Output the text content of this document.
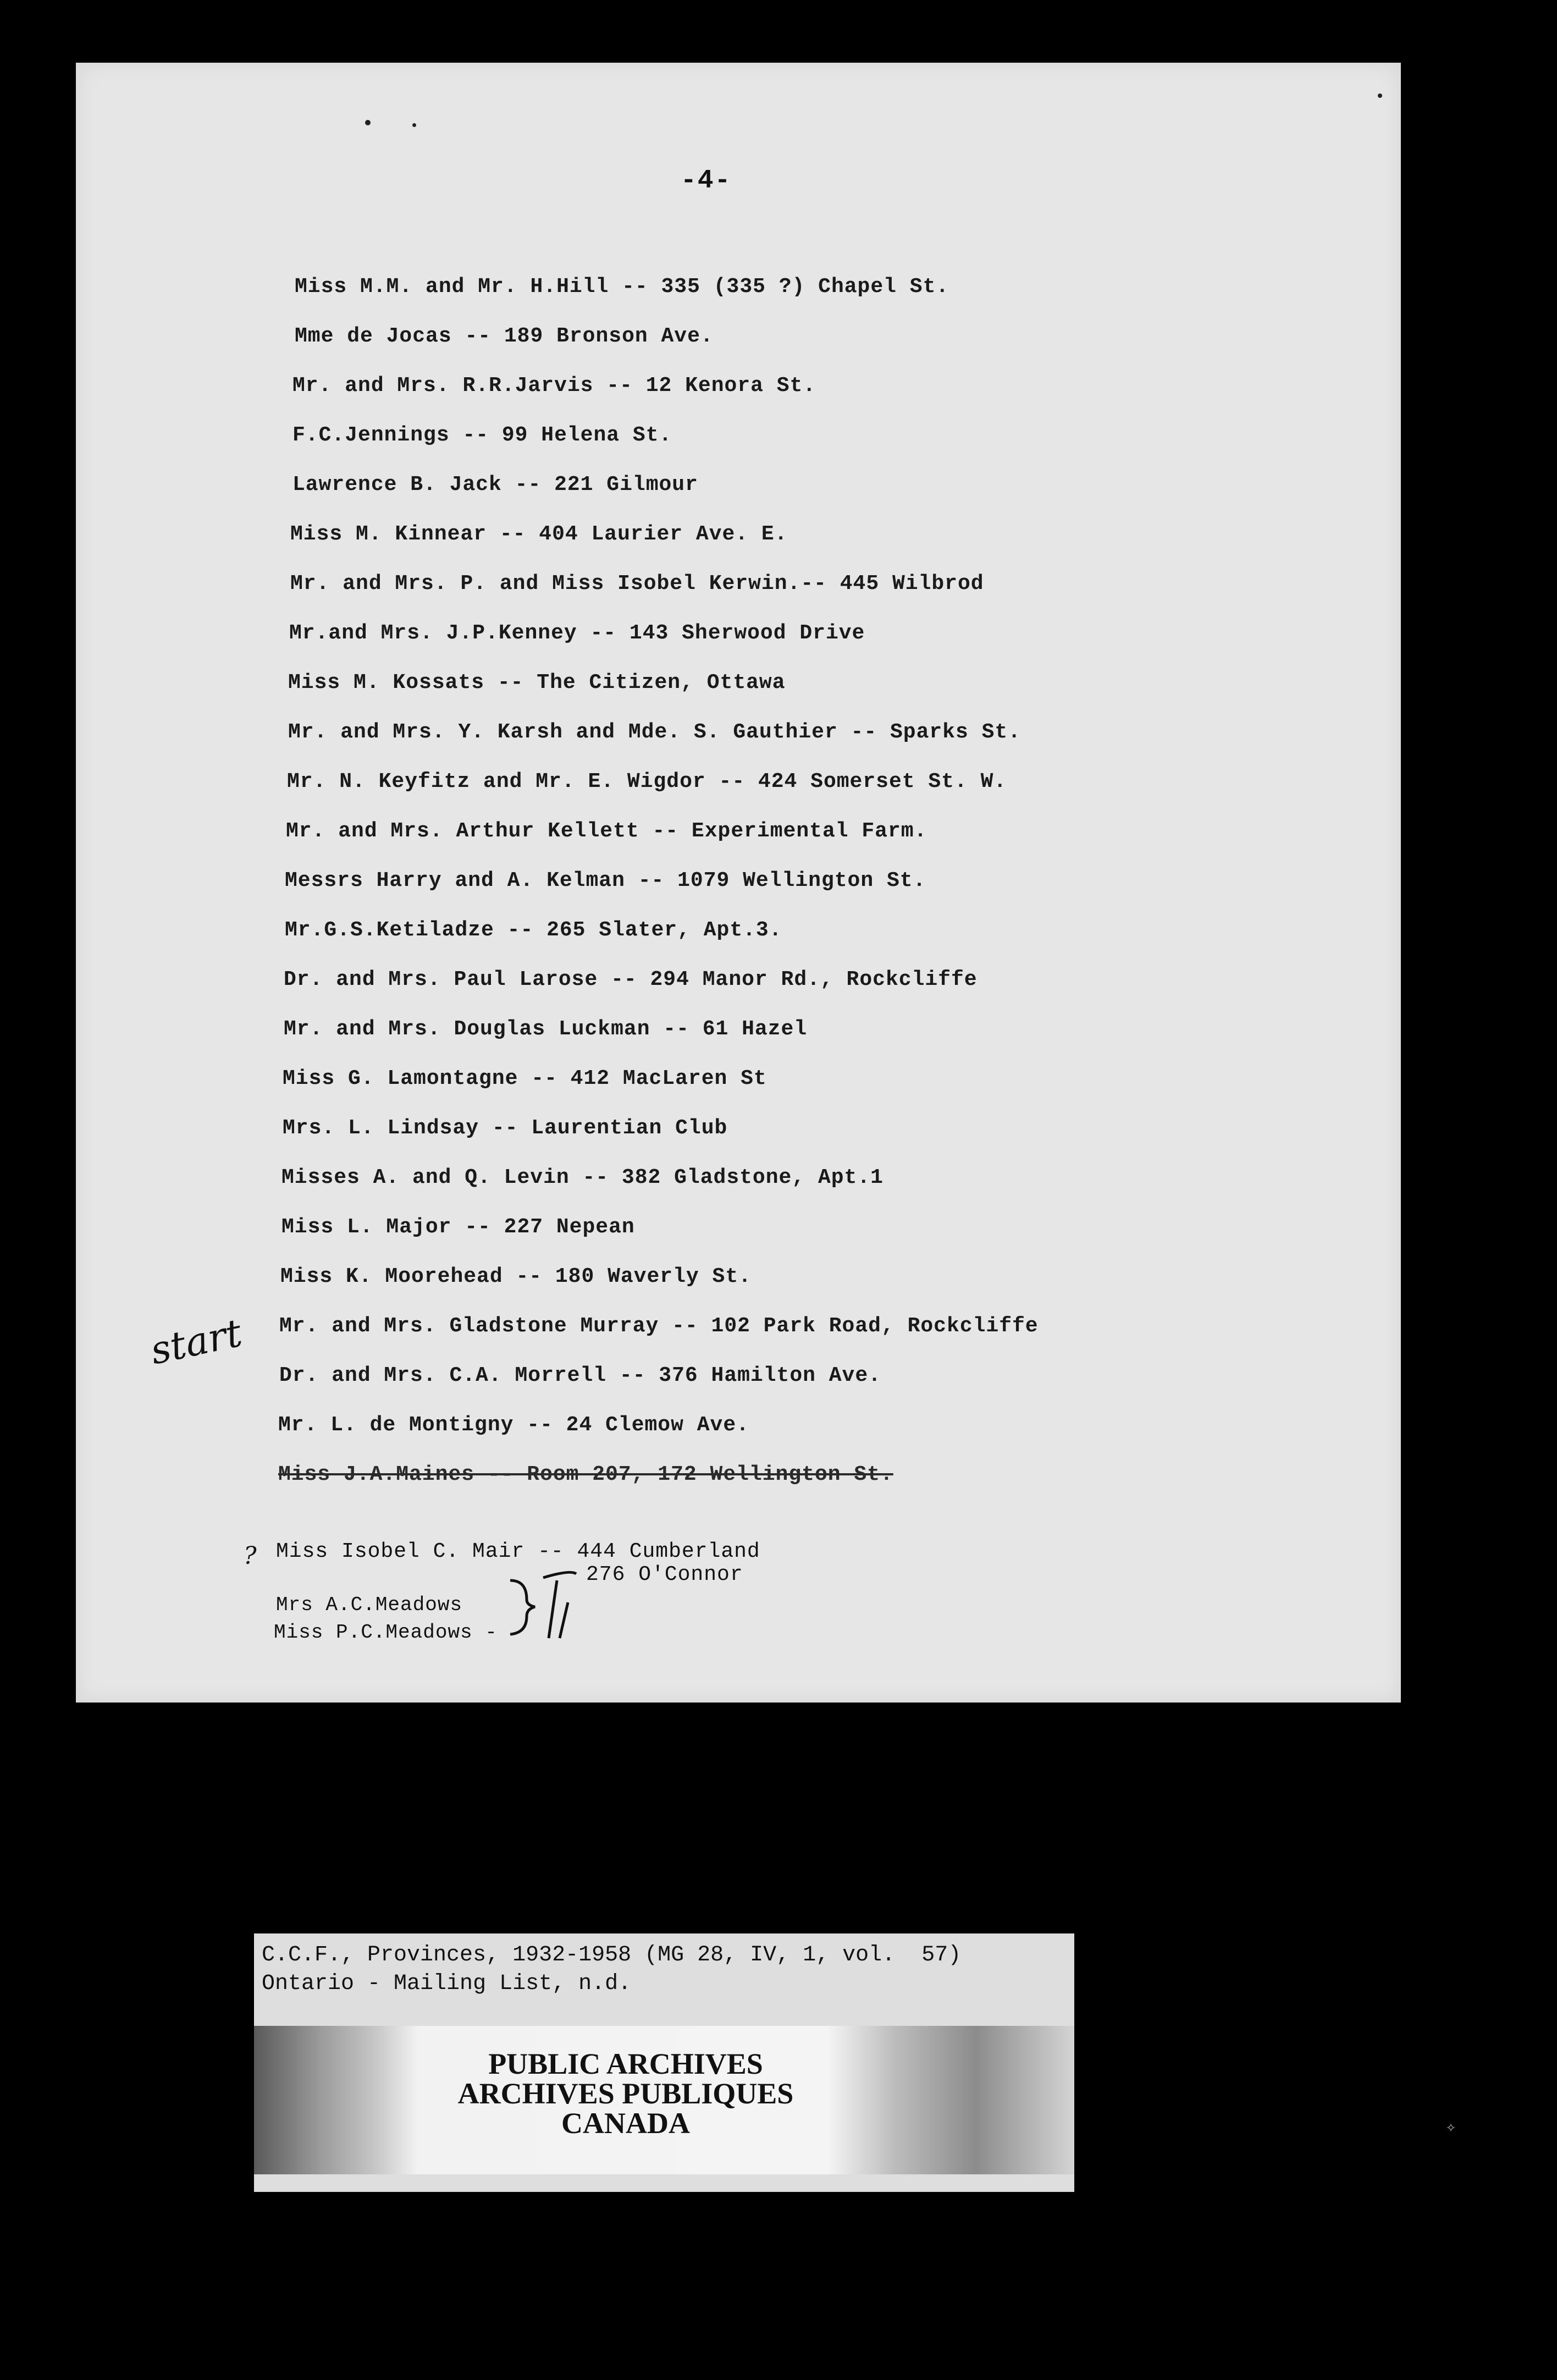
-4-
Miss M.M. and Mr. H.Hill -- 335 (335 ?) Chapel St.
Mme de Jocas -- 189 Bronson Ave.
Mr. and Mrs. R.R.Jarvis -- 12 Kenora St.
F.C.Jennings -- 99 Helena St.
Lawrence B. Jack -- 221 Gilmour
Miss M. Kinnear -- 404 Laurier Ave. E.
Mr. and Mrs. P. and Miss Isobel Kerwin.-- 445 Wilbrod
Mr.and Mrs. J.P.Kenney -- 143 Sherwood Drive
Miss M. Kossats -- The Citizen, Ottawa
Mr. and Mrs. Y. Karsh and Mde. S. Gauthier -- Sparks St.
Mr. N. Keyfitz and Mr. E. Wigdor -- 424 Somerset St. W.
Mr. and Mrs. Arthur Kellett -- Experimental Farm.
Messrs Harry and A. Kelman -- 1079 Wellington St.
Mr.G.S.Ketiladze -- 265 Slater, Apt.3.
Dr. and Mrs. Paul Larose -- 294 Manor Rd., Rockcliffe
Mr. and Mrs. Douglas Luckman -- 61 Hazel
Miss G. Lamontagne -- 412 MacLaren St
Mrs. L. Lindsay -- Laurentian Club
Misses A. and Q. Levin -- 382 Gladstone, Apt.1
Miss L. Major -- 227 Nepean
Miss K. Moorehead -- 180 Waverly St.
Mr. and Mrs. Gladstone Murray -- 102 Park Road, Rockcliffe
Dr. and Mrs. C.A. Morrell -- 376 Hamilton Ave.
Mr. L. de Montigny -- 24 Clemow Ave.
Miss J.A.Maines -- Room 207, 172 Wellington St.
Miss Isobel C. Mair -- 444 Cumberland
276 O'Connor
Mrs A.C.Meadows
Miss P.C.Meadows -
start
?
C.C.F., Provinces, 1932-1958 (MG 28, IV, 1, vol.  57)
Ontario - Mailing List, n.d.
PUBLIC ARCHIVES
ARCHIVES PUBLIQUES
CANADA	✧
